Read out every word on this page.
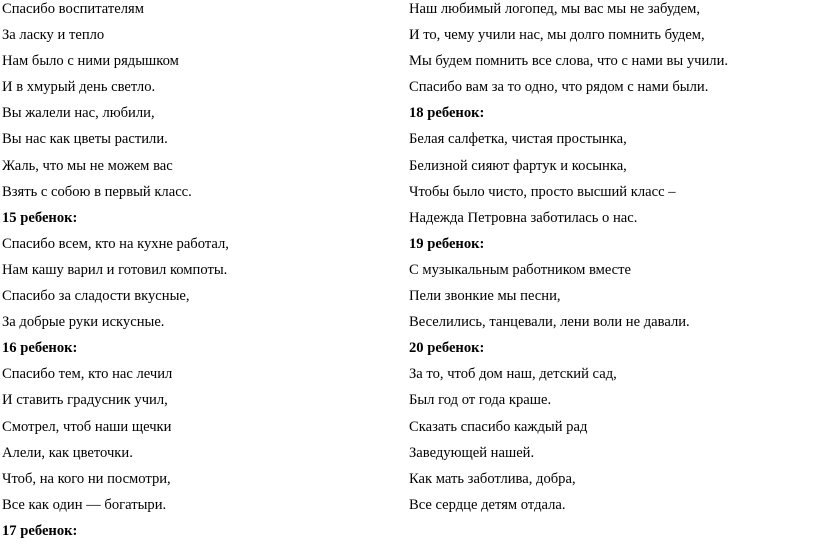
Спасибо воспитателям
За ласку и тепло
Нам было с ними рядышком
И в хмурый день светло.
Вы жалели нас, любили,
Вы нас как цветы растили.
Жаль, что мы не можем вас
Взять с собою в первый класс.
15 ребенок:
Спасибо всем, кто на кухне работал,
Нам кашу варил и готовил компоты.
Спасибо за сладости вкусные,
За добрые руки искусные.
16 ребенок:
Спасибо тем, кто нас лечил
И ставить градусник учил,
Смотрел, чтоб наши щечки
Алели, как цветочки.
Чтоб, на кого ни посмотри,
Все как один — богатыри.
17 ребенок:
Наш любимый логопед, мы вас мы не забудем,
И то, чему учили нас, мы долго помнить будем,
Мы будем помнить все слова, что с нами вы учили.
Спасибо вам за то одно, что рядом с нами были.
18 ребенок:
Белая салфетка, чистая простынка,
Белизной сияют фартук и косынка,
Чтобы было чисто, просто высший класс –
Надежда Петровна заботилась о нас.
19 ребенок:
С музыкальным работником вместе
Пели звонкие мы песни,
Веселились, танцевали, лени воли не давали.
20 ребенок:
За то, чтоб дом наш, детский сад,
Был год от года краше.
Сказать спасибо каждый рад
Заведующей нашей.
Как мать заботлива, добра,
Все сердце детям отдала.
